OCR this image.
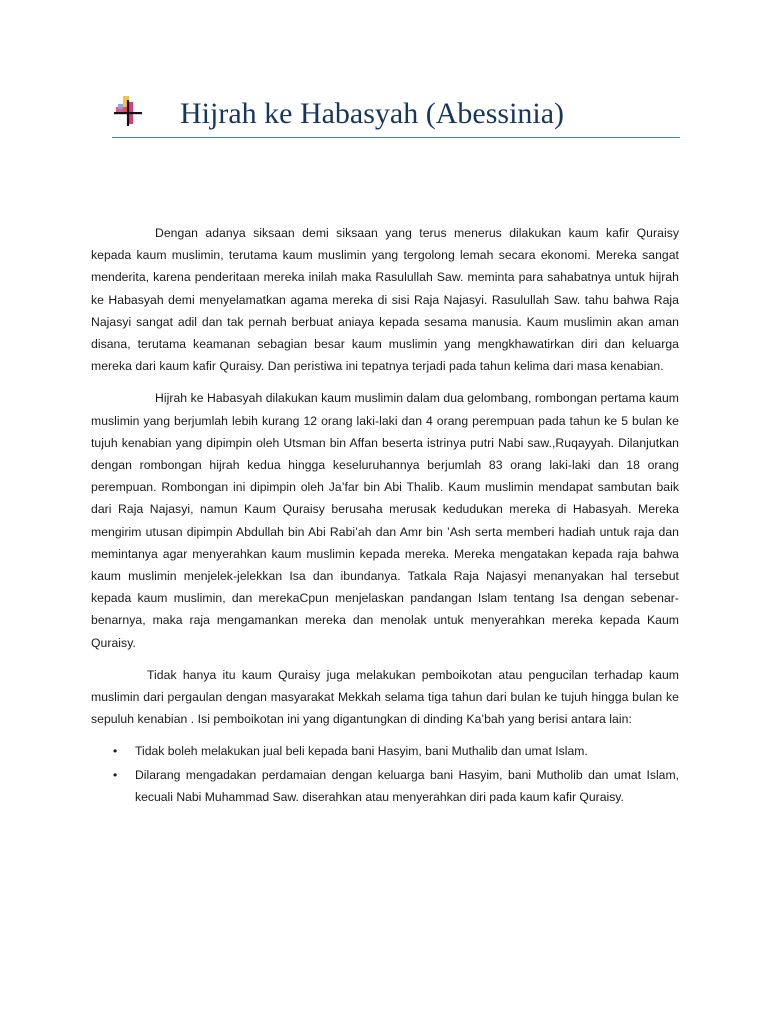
Hijrah ke Habasyah (Abessinia)

Dengan adanya siksaan demi siksaan yang terus menerus dilakukan kaum kafir Quraisy kepada kaum muslimin, terutama kaum muslimin yang tergolong lemah secara ekonomi. Mereka sangat menderita, karena penderitaan mereka inilah maka Rasulullah Saw. meminta para sahabatnya untuk hijrah ke Habasyah demi menyelamatkan agama mereka di sisi Raja Najasyi. Rasulullah Saw. tahu bahwa Raja Najasyi sangat adil dan tak pernah berbuat aniaya kepada sesama manusia. Kaum muslimin akan aman disana, terutama keamanan sebagian besar kaum muslimin yang mengkhawatirkan diri dan keluarga mereka dari kaum kafir Quraisy. Dan peristiwa ini tepatnya terjadi pada tahun kelima dari masa kenabian.

Hijrah ke Habasyah dilakukan kaum muslimin dalam dua gelombang, rombongan pertama kaum muslimin yang berjumlah lebih kurang 12 orang laki-laki dan 4 orang perempuan pada tahun ke 5 bulan ke tujuh kenabian yang dipimpin oleh Utsman bin Affan beserta istrinya putri Nabi saw.,Ruqayyah. Dilanjutkan dengan rombongan hijrah kedua hingga keseluruhannya berjumlah 83 orang laki-laki dan 18 orang perempuan. Rombongan ini dipimpin oleh Ja’far bin Abi Thalib. Kaum muslimin mendapat sambutan baik dari Raja Najasyi, namun Kaum Quraisy berusaha merusak kedudukan mereka di Habasyah. Mereka mengirim utusan dipimpin Abdullah bin Abi Rabi’ah dan Amr bin ’Ash serta memberi hadiah untuk raja dan memintanya agar menyerahkan kaum muslimin kepada mereka. Mereka mengatakan kepada raja bahwa kaum muslimin menjelek-jelekkan Isa dan ibundanya. Tatkala Raja Najasyi menanyakan hal tersebut kepada kaum muslimin, dan merekaCpun menjelaskan pandangan Islam tentang Isa dengan sebenar-benarnya, maka raja mengamankan mereka dan menolak untuk menyerahkan mereka kepada Kaum Quraisy.

Tidak hanya itu kaum Quraisy juga melakukan pemboikotan atau pengucilan terhadap kaum muslimin dari pergaulan dengan masyarakat Mekkah selama tiga tahun dari bulan ke tujuh hingga bulan ke sepuluh kenabian . Isi pemboikotan ini yang digantungkan di dinding Ka’bah yang berisi antara lain:

• Tidak boleh melakukan jual beli kepada bani Hasyim, bani Muthalib dan umat Islam.
• Dilarang mengadakan perdamaian dengan keluarga bani Hasyim, bani Mutholib dan umat Islam, kecuali Nabi Muhammad Saw. diserahkan atau menyerahkan diri pada kaum kafir Quraisy.
